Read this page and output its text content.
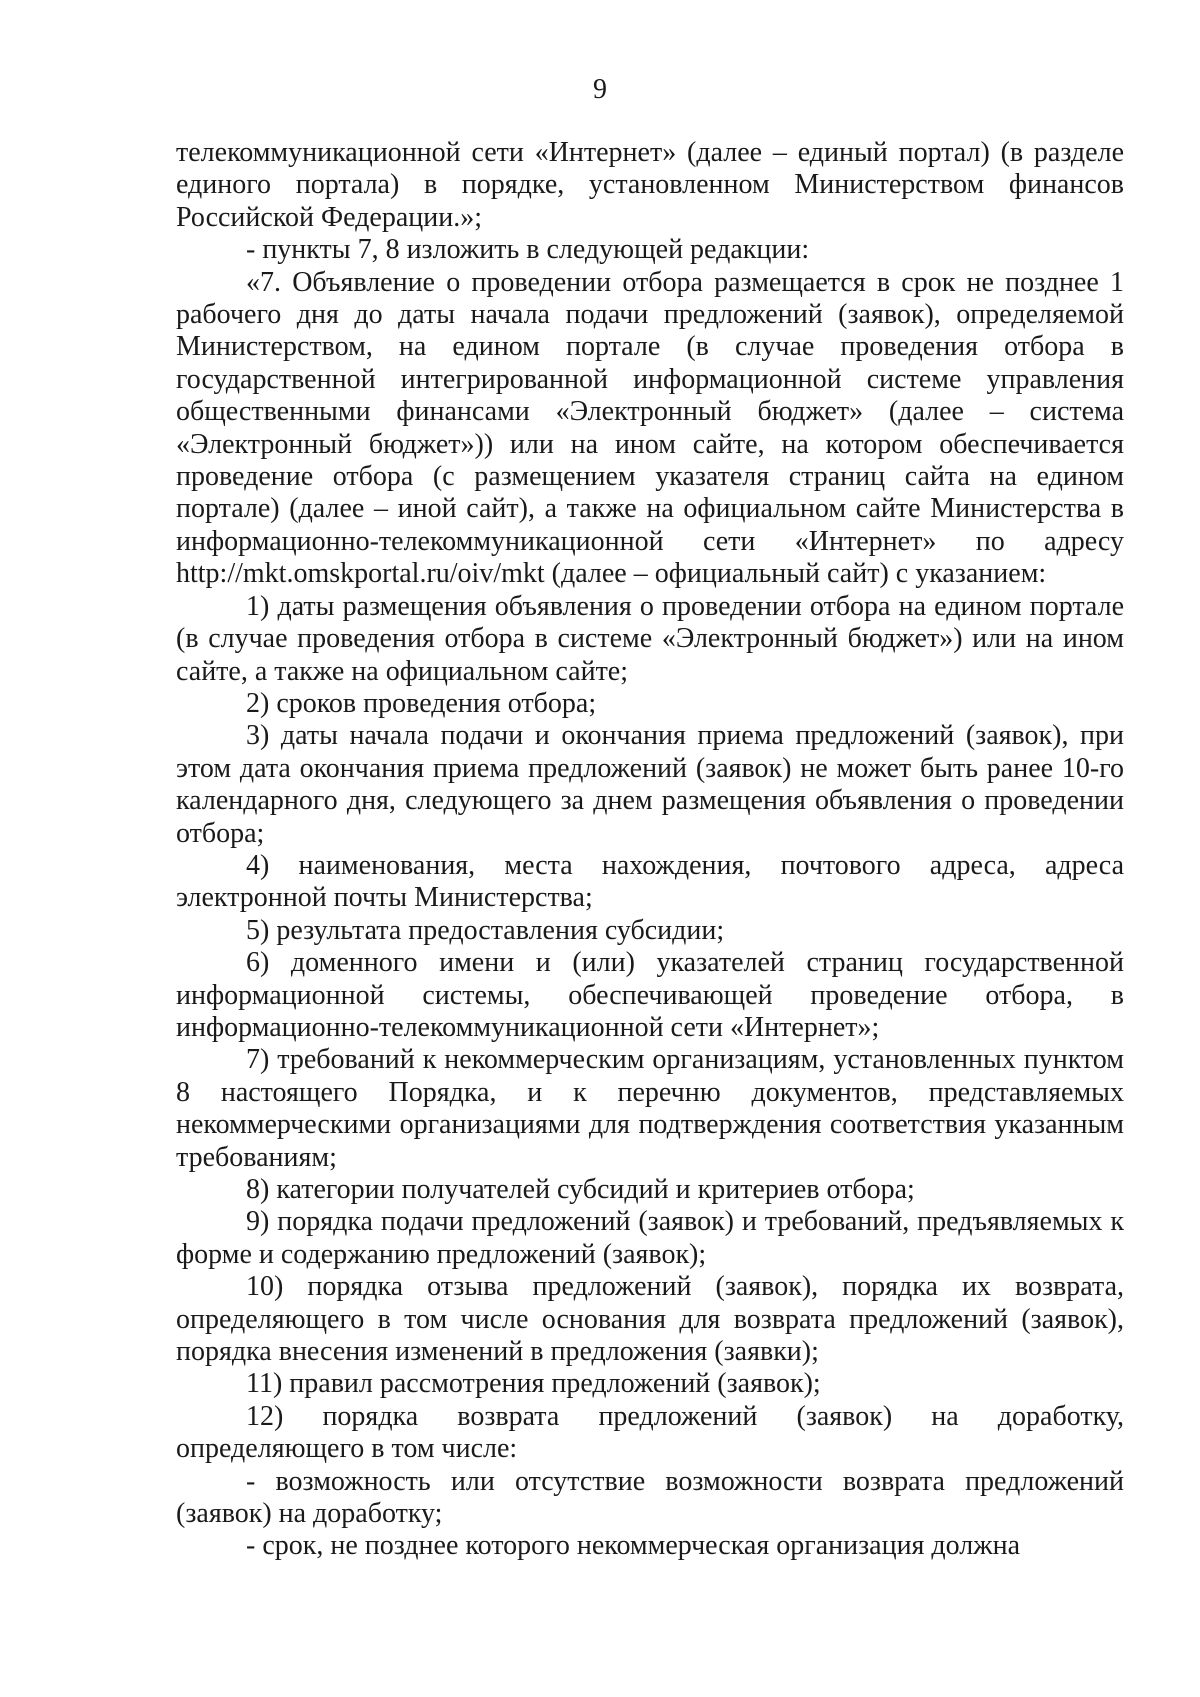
9

телекоммуникационной сети «Интернет» (далее – единый портал) (в разделе единого портала) в порядке, установленном Министерством финансов Российской Федерации.»;

- пункты 7, 8 изложить в следующей редакции:

«7. Объявление о проведении отбора размещается в срок не позднее 1 рабочего дня до даты начала подачи предложений (заявок), определяемой Министерством, на едином портале (в случае проведения отбора в государственной интегрированной информационной системе управления общественными финансами «Электронный бюджет» (далее – система «Электронный бюджет»)) или на ином сайте, на котором обеспечивается проведение отбора (с размещением указателя страниц сайта на едином портале) (далее – иной сайт), а также на официальном сайте Министерства в информационно-телекоммуникационной сети «Интернет» по адресу http://mkt.omskportal.ru/oiv/mkt (далее – официальный сайт) с указанием:

1) даты размещения объявления о проведении отбора на едином портале (в случае проведения отбора в системе «Электронный бюджет») или на ином сайте, а также на официальном сайте;

2) сроков проведения отбора;

3) даты начала подачи и окончания приема предложений (заявок), при этом дата окончания приема предложений (заявок) не может быть ранее 10-го календарного дня, следующего за днем размещения объявления о проведении отбора;

4) наименования, места нахождения, почтового адреса, адреса электронной почты Министерства;

5) результата предоставления субсидии;

6) доменного имени и (или) указателей страниц государственной информационной системы, обеспечивающей проведение отбора, в информационно-телекоммуникационной сети «Интернет»;

7) требований к некоммерческим организациям, установленных пунктом 8 настоящего Порядка, и к перечню документов, представляемых некоммерческими организациями для подтверждения соответствия указанным требованиям;

8) категории получателей субсидий и критериев отбора;

9) порядка подачи предложений (заявок) и требований, предъявляемых к форме и содержанию предложений (заявок);

10) порядка отзыва предложений (заявок), порядка их возврата, определяющего в том числе основания для возврата предложений (заявок), порядка внесения изменений в предложения (заявки);

11) правил рассмотрения предложений (заявок);

12) порядка возврата предложений (заявок) на доработку, определяющего в том числе:

- возможность или отсутствие возможности возврата предложений (заявок) на доработку;

- срок, не позднее которого некоммерческая организация должна
